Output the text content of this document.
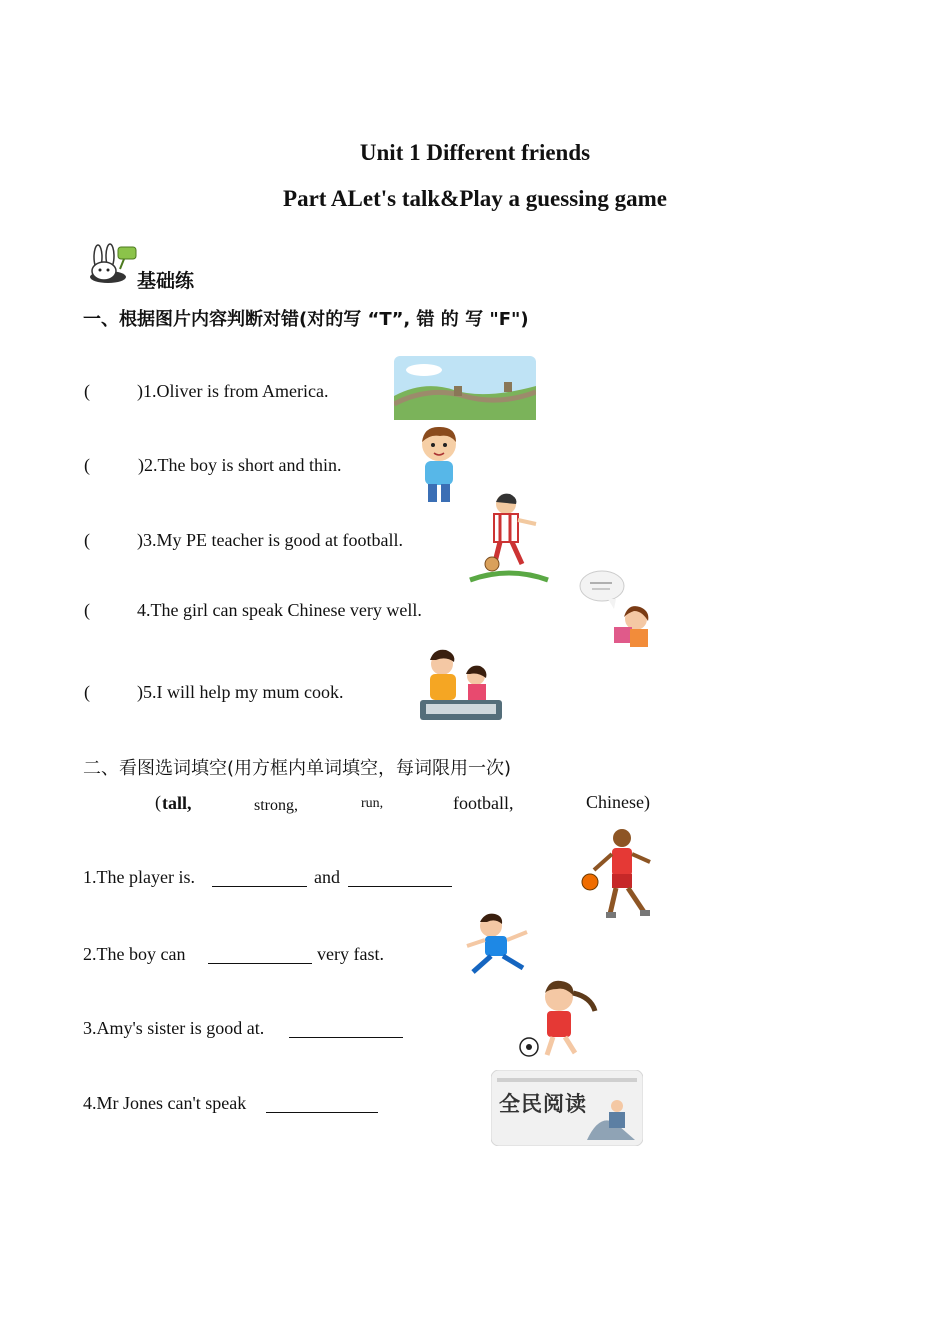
Unit 1 Different friends
Part ALet's talk&Play a guessing game
基础练
一、根据图片内容判断对错(对的写 “T”, 错 的 写 "F")
(	)1.Oliver is from America.
(	)2.The boy is short and thin.
(	)3.My PE teacher is good at football.
(	4.The girl can speak Chinese very well.
(	)5.I will help my mum cook.
二、看图选词填空(用方框内单词填空，每词限用一次)
( tall,	strong,	run,	football,	Chinese)
1.The player is.	and
2.The boy can	very fast.
3.Amy's sister is good at.
4.Mr Jones can't speak	全民阅读
